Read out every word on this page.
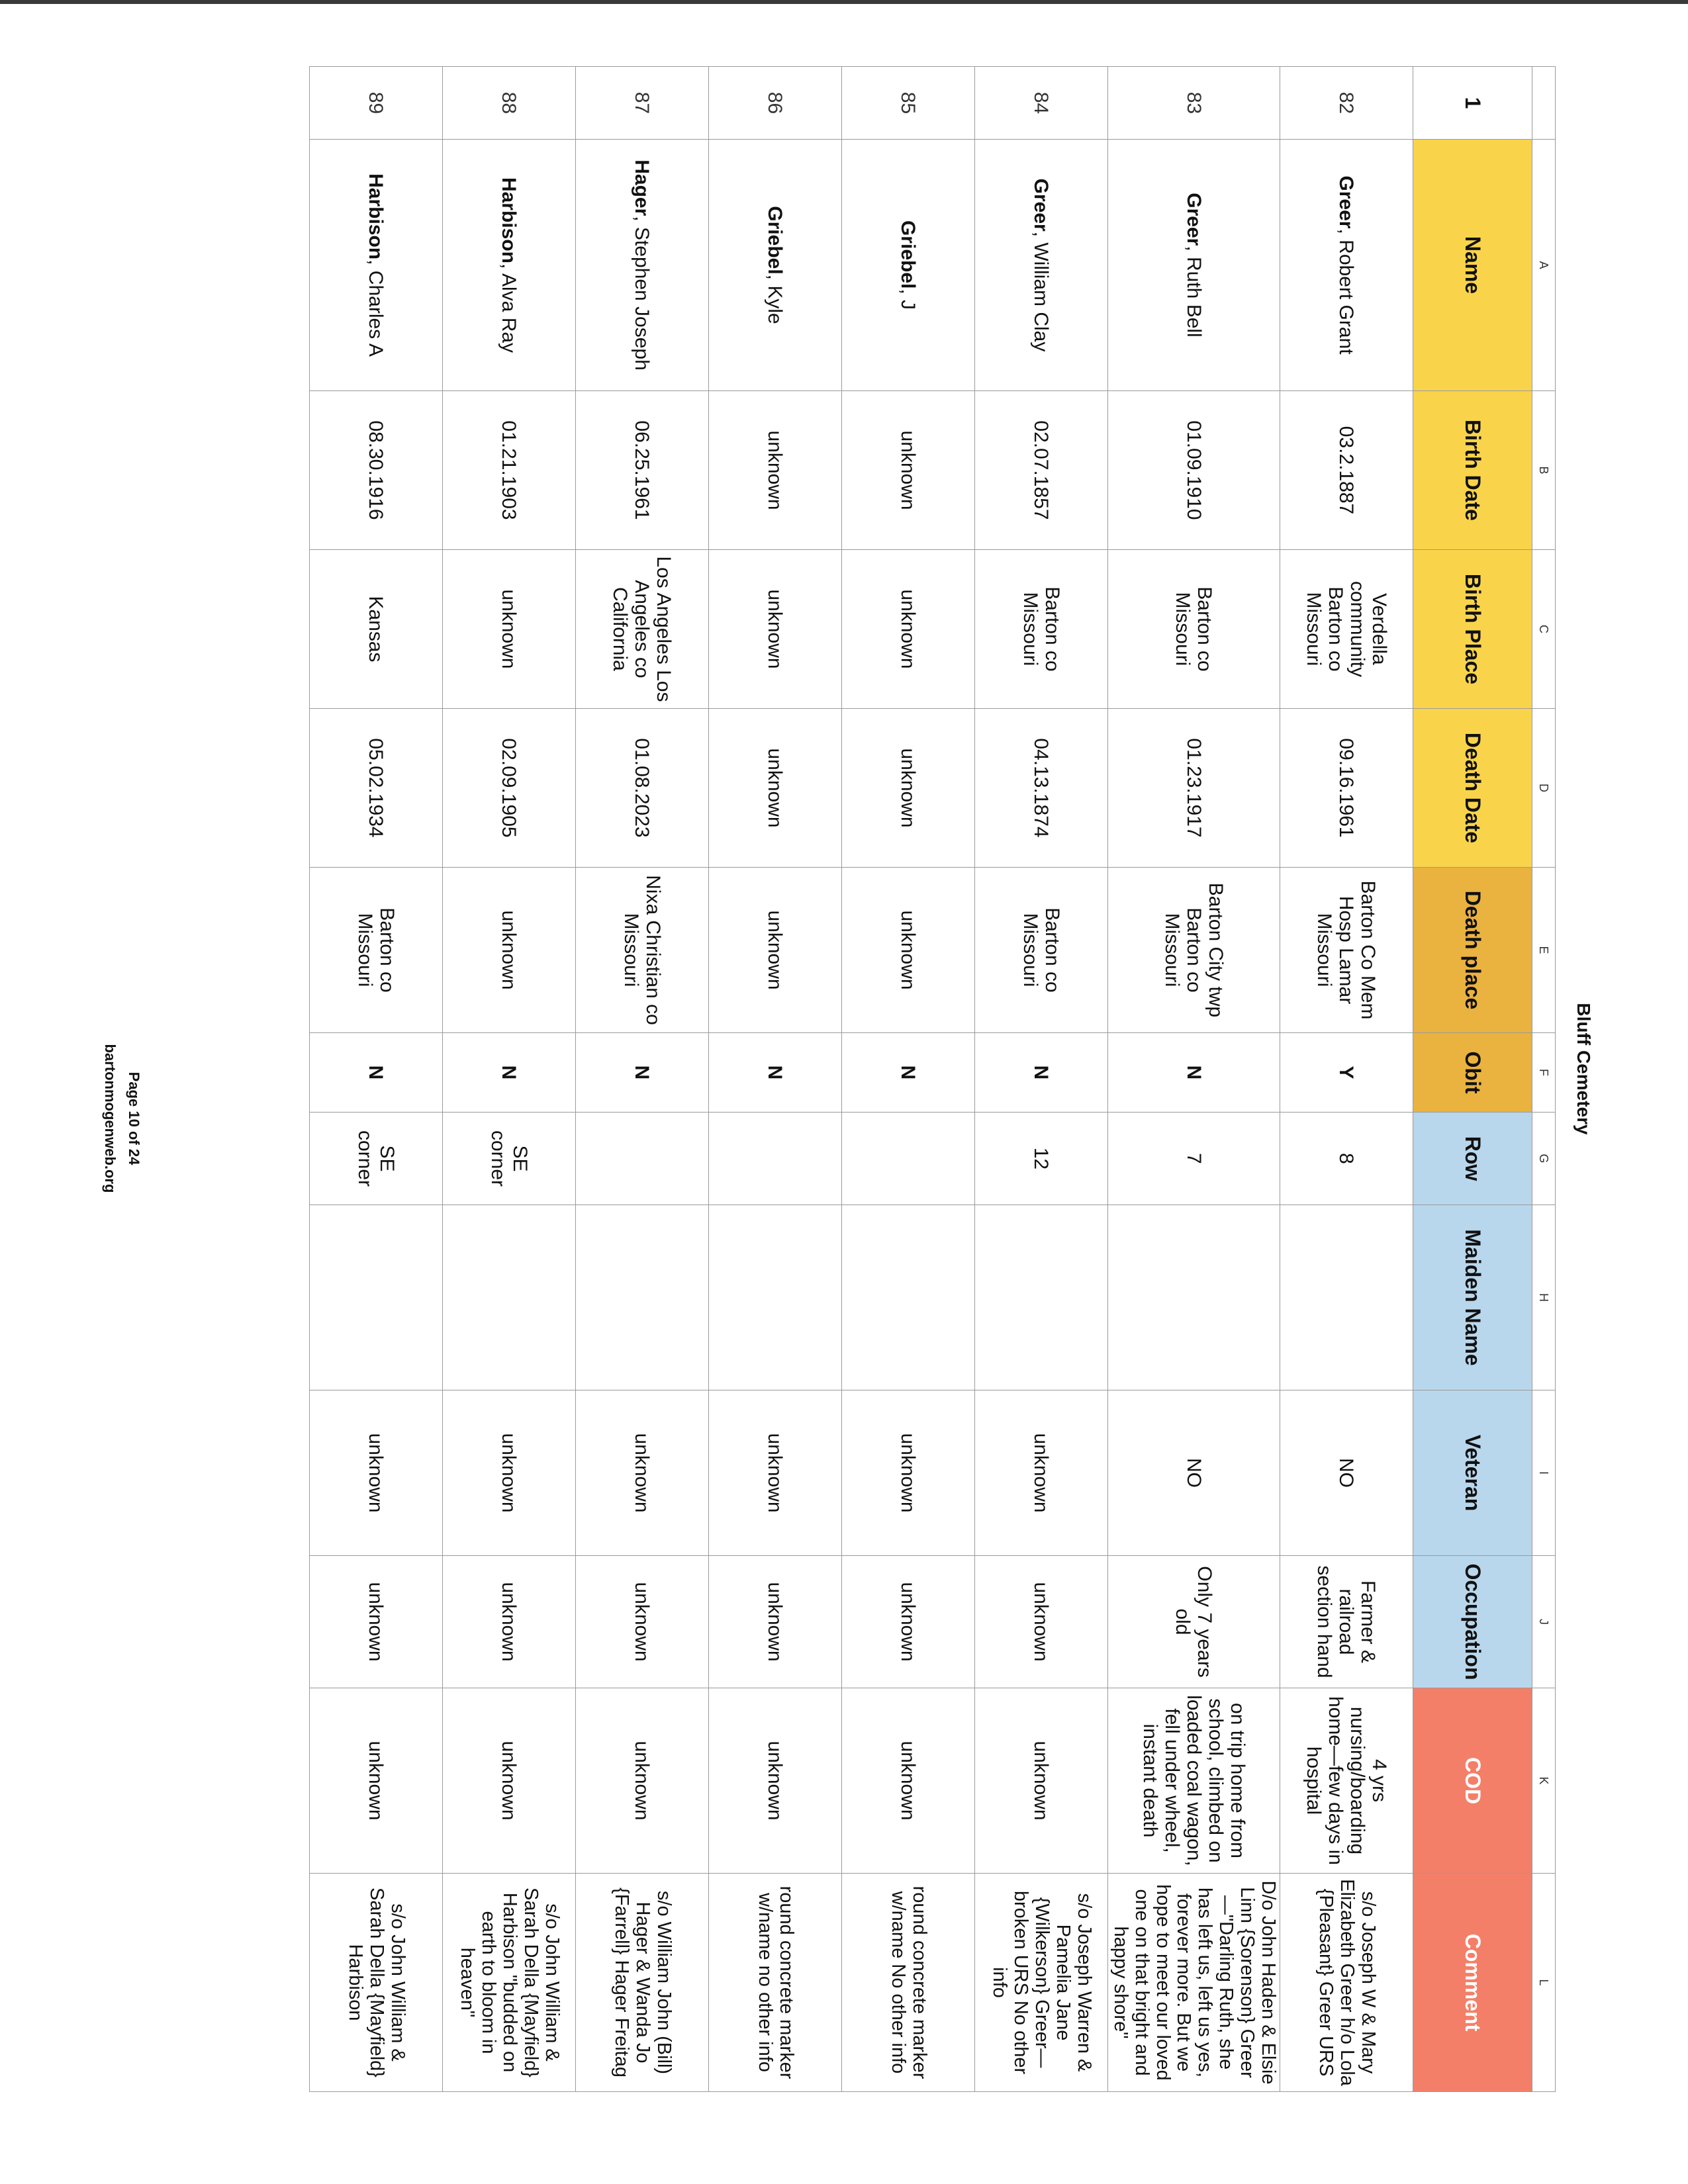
Bluff Cemetery
	A	B	C	D	E	F	G	H	I	J	K	L
1	Name	Birth Date	Birth Place	Death Date	Death place	Obit	Row	Maiden Name	Veteran	Occupation	COD	Comment
82	Greer, Robert Grant	03.2.1887	Verdella community Barton co Missouri	09.16.1961	Barton Co Mem Hosp Lamar Missouri	Y	8		NO	Farmer & railroad section hand	4 yrs nursing/boarding home—few days in hospital	s/o Joseph W & Mary Elizabeth Greer h/o Lola {Pleasant} Greer URS
83	Greer, Ruth Bell	01.09.1910	Barton co Missouri	01.23.1917	Barton City twp Barton co Missouri	N	7		NO	Only 7 years old	on trip home from school, climbed on loaded coal wagon, fell under wheel, instant death	D/o John Haden & Elsie Linn {Sorenson} Greer—"Darling Ruth, she has left us, left us yes, forever more. But we hope to meet our loved one on that bright and happy shore"
84	Greer, William Clay	02.07.1857	Barton co Missouri	04.13.1874	Barton co Missouri	N	12		unknown	unknown	unknown	s/o Joseph Warren & Pamelia Jane {Wilkerson} Greer—broken URS No other info
85	Griebel, J	unknown	unknown	unknown	unknown	N			unknown	unknown	unknown	round concrete marker w/name No other info
86	Griebel, Kyle	unknown	unknown	unknown	unknown	N			unknown	unknown	unknown	round concrete marker w/name no other info
87	Hager, Stephen Joseph	06.25.1961	Los Angeles Los Angeles co California	01.08.2023	Nixa Christian co Missouri	N			unknown	unknown	unknown	s/o William John (Bill) Hager & Wanda Jo {Farrell} Hager Freitag
88	Harbison, Alva Ray	01.21.1903	unknown	02.09.1905	unknown	N	SE corner		unknown	unknown	unknown	s/o John William & Sarah Della {Mayfield} Harbison "budded on earth to bloom in heaven"
89	Harbison, Charles A	08.30.1916	Kansas	05.02.1934	Barton co Missouri	N	SE corner		unknown	unknown	unknown	s/o John William & Sarah Della {Mayfield} Harbison
Page 10 of 24
bartonmogenweb.org
